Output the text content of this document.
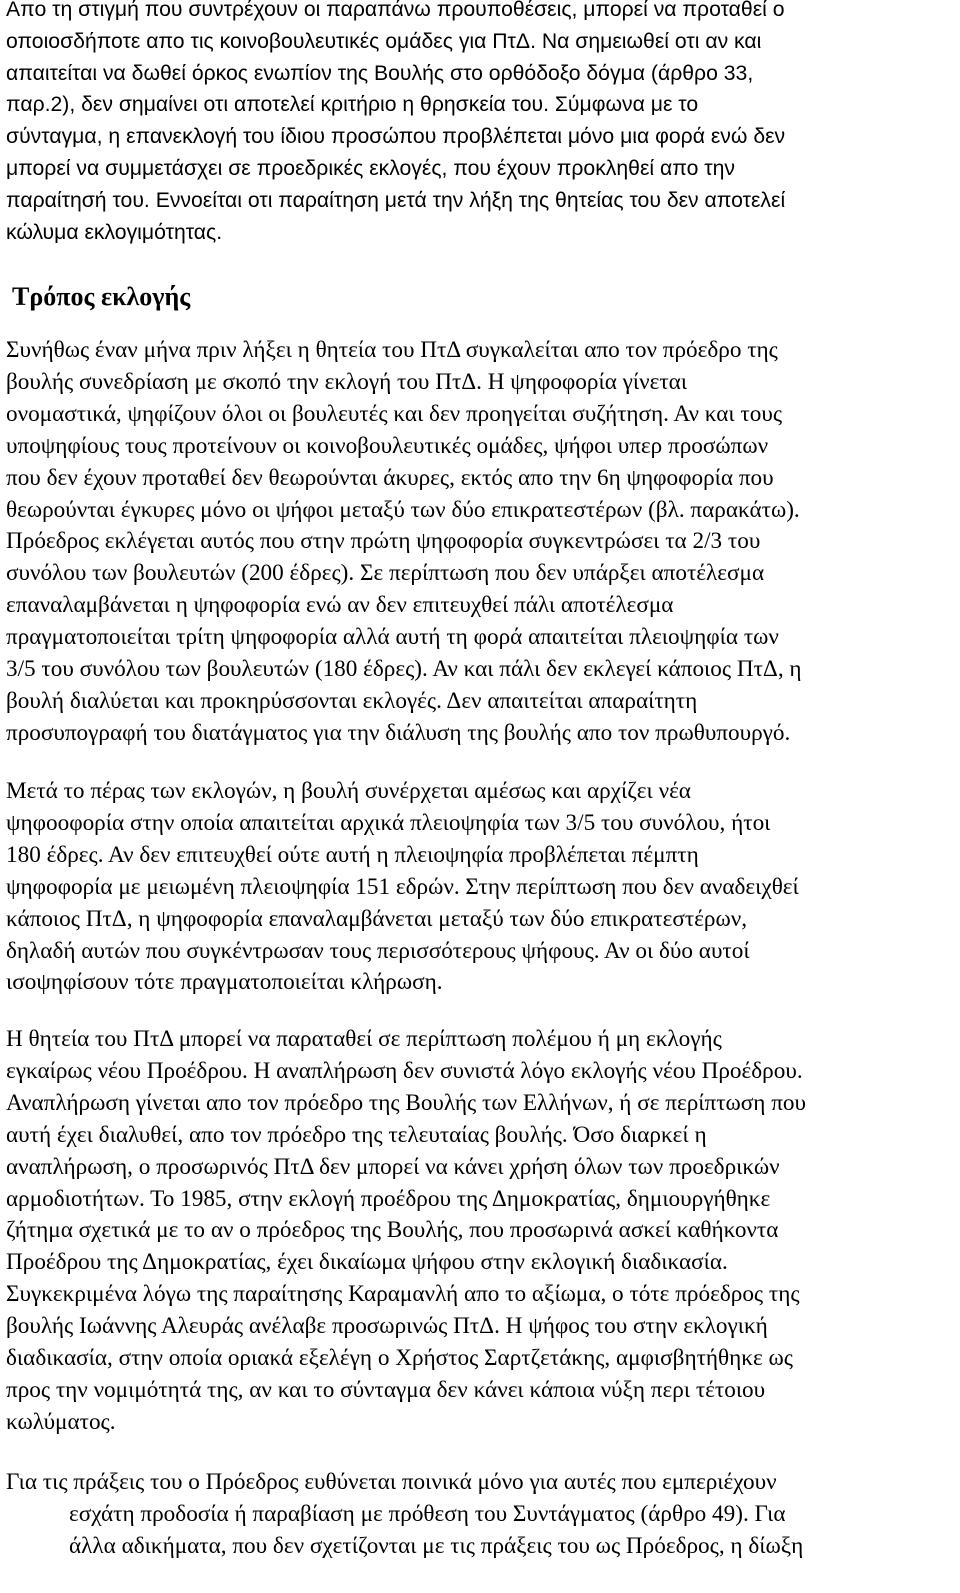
Απο τη στιγμή που συντρέχουν οι παραπάνω προυποθέσεις, μπορεί να προταθεί ο
οποιοσδήποτε απο τις κοινοβουλευτικές ομάδες για ΠτΔ. Να σημειωθεί οτι αν και
απαιτείται να δωθεί όρκος ενωπίον της Βουλής στο ορθόδοξο δόγμα (άρθρο 33,
παρ.2), δεν σημαίνει οτι αποτελεί κριτήριο η θρησκεία του. Σύμφωνα με το
σύνταγμα, η επανεκλογή του ίδιου προσώπου προβλέπεται μόνο μια φορά ενώ δεν
μπορεί να συμμετάσχει σε προεδρικές εκλογές, που έχουν προκληθεί απο την
παραίτησή του. Εννοείται οτι παραίτηση μετά την λήξη της θητείας του δεν αποτελεί
κώλυμα εκλογιμότητας.
Τρόπος εκλογής
Συνήθως έναν μήνα πριν λήξει η θητεία του ΠτΔ συγκαλείται απο τον πρόεδρο της
βουλής συνεδρίαση με σκοπό την εκλογή του ΠτΔ. Η ψηφοφορία γίνεται
ονομαστικά, ψηφίζουν όλοι οι βουλευτές και δεν προηγείται συζήτηση. Αν και τους
υποψηφίους τους προτείνουν οι κοινοβουλευτικές ομάδες, ψήφοι υπερ προσώπων
που δεν έχουν προταθεί δεν θεωρούνται άκυρες, εκτός απο την 6η ψηφοφορία που
θεωρούνται έγκυρες μόνο οι ψήφοι μεταξύ των δύο επικρατεστέρων (βλ. παρακάτω).
Πρόεδρος εκλέγεται αυτός που στην πρώτη ψηφοφορία συγκεντρώσει τα 2/3 του
συνόλου των βουλευτών (200 έδρες). Σε περίπτωση που δεν υπάρξει αποτέλεσμα
επαναλαμβάνεται η ψηφοφορία ενώ αν δεν επιτευχθεί πάλι αποτέλεσμα
πραγματοποιείται τρίτη ψηφοφορία αλλά αυτή τη φορά απαιτείται πλειοψηφία των
3/5 του συνόλου των βουλευτών (180 έδρες). Αν και πάλι δεν εκλεγεί κάποιος ΠτΔ, η
βουλή διαλύεται και προκηρύσσονται εκλογές. Δεν απαιτείται απαραίτητη
προσυπογραφή του διατάγματος για την διάλυση της βουλής απο τον πρωθυπουργό.
Μετά το πέρας των εκλογών, η βουλή συνέρχεται αμέσως και αρχίζει νέα
ψηφοοφορία στην οποία απαιτείται αρχικά πλειοψηφία των 3/5 του συνόλου, ήτοι
180 έδρες. Αν δεν επιτευχθεί ούτε αυτή η πλειοψηφία προβλέπεται πέμπτη
ψηφοφορία με μειωμένη πλειοψηφία 151 εδρών. Στην περίπτωση που δεν αναδειχθεί
κάποιος ΠτΔ, η ψηφοφορία επαναλαμβάνεται μεταξύ των δύο επικρατεστέρων,
δηλαδή αυτών που συγκέντρωσαν τους περισσότερους ψήφους. Αν οι δύο αυτοί
ισοψηφίσουν τότε πραγματοποιείται κλήρωση.
Η θητεία του ΠτΔ μπορεί να παραταθεί σε περίπτωση πολέμου ή μη εκλογής
εγκαίρως νέου Προέδρου. Η αναπλήρωση δεν συνιστά λόγο εκλογής νέου Προέδρου.
Αναπλήρωση γίνεται απο τον πρόεδρο της Βουλής των Ελλήνων, ή σε περίπτωση που
αυτή έχει διαλυθεί, απο τον πρόεδρο της τελευταίας βουλής. Όσο διαρκεί η
αναπλήρωση, ο προσωρινός ΠτΔ δεν μπορεί να κάνει χρήση όλων των προεδρικών
αρμοδιοτήτων. Το 1985, στην εκλογή προέδρου της Δημοκρατίας, δημιουργήθηκε
ζήτημα σχετικά με το αν ο πρόεδρος της Βουλής, που προσωρινά ασκεί καθήκοντα
Προέδρου της Δημοκρατίας, έχει δικαίωμα ψήφου στην εκλογική διαδικασία.
Συγκεκριμένα λόγω της παραίτησης Καραμανλή απο το αξίωμα, ο τότε πρόεδρος της
βουλής Ιωάννης Αλευράς ανέλαβε προσωρινώς ΠτΔ. Η ψήφος του στην εκλογική
διαδικασία, στην οποία οριακά εξελέγη ο Χρήστος Σαρτζετάκης, αμφισβητήθηκε ως
προς την νομιμότητά της, αν και το σύνταγμα δεν κάνει κάποια νύξη περι τέτοιου
κωλύματος.
Για τις πράξεις του ο Πρόεδρος ευθύνεται ποινικά μόνο για αυτές που εμπεριέχουν
εσχάτη προδοσία ή παραβίαση με πρόθεση του Συντάγματος (άρθρο 49). Για
άλλα αδικήματα, που δεν σχετίζονται με τις πράξεις του ως Πρόεδρος, η δίωξη
